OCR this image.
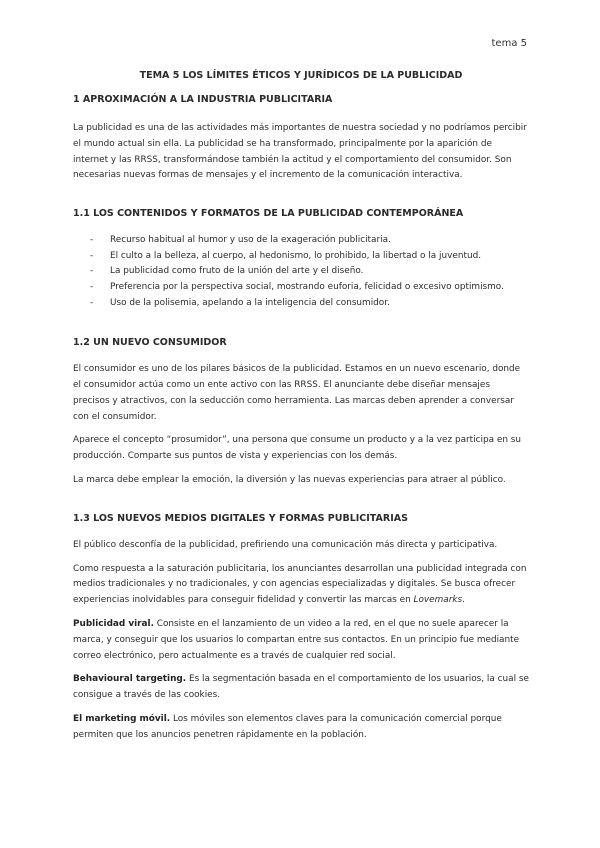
tema 5
TEMA 5 LOS LÍMITES ÉTICOS Y JURÍDICOS DE LA PUBLICIDAD
1 APROXIMACIÓN A LA INDUSTRIA PUBLICITARIA

La publicidad es una de las actividades más importantes de nuestra sociedad y no podríamos percibir el mundo actual sin ella. La publicidad se ha transformado, principalmente por la aparición de internet y las RRSS, transformándose también la actitud y el comportamiento del consumidor. Son necesarias nuevas formas de mensajes y el incremento de la comunicación interactiva.

1.1 LOS CONTENIDOS Y FORMATOS DE LA PUBLICIDAD CONTEMPORÁNEA
- Recurso habitual al humor y uso de la exageración publicitaria.
- El culto a la belleza, al cuerpo, al hedonismo, lo prohibido, la libertad o la juventud.
- La publicidad como fruto de la unión del arte y el diseño.
- Preferencia por la perspectiva social, mostrando euforia, felicidad o excesivo optimismo.
- Uso de la polisemia, apelando a la inteligencia del consumidor.
1.2 UN NUEVO CONSUMIDOR

El consumidor es uno de los pilares básicos de la publicidad. Estamos en un nuevo escenario, donde el consumidor actúa como un ente activo con las RRSS. El anunciante debe diseñar mensajes precisos y atractivos, con la seducción como herramienta. Las marcas deben aprender a conversar con el consumidor.

Aparece el concepto “prosumidor”, una persona que consume un producto y a la vez participa en su producción. Comparte sus puntos de vista y experiencias con los demás.

La marca debe emplear la emoción, la diversión y las nuevas experiencias para atraer al público.

1.3 LOS NUEVOS MEDIOS DIGITALES Y FORMAS PUBLICITARIAS

El público desconfía de la publicidad, prefiriendo una comunicación más directa y participativa.

Como respuesta a la saturación publicitaria, los anunciantes desarrollan una publicidad integrada con medios tradicionales y no tradicionales, y con agencias especializadas y digitales. Se busca ofrecer experiencias inolvidables para conseguir fidelidad y convertir las marcas en Lovemarks.

Publicidad viral. Consiste en el lanzamiento de un video a la red, en el que no suele aparecer la marca, y conseguir que los usuarios lo compartan entre sus contactos. En un principio fue mediante correo electrónico, pero actualmente es a través de cualquier red social.

Behavioural targeting. Es la segmentación basada en el comportamiento de los usuarios, la cual se consigue a través de las cookies.

El marketing móvil. Los móviles son elementos claves para la comunicación comercial porque permiten que los anuncios penetren rápidamente en la población.
